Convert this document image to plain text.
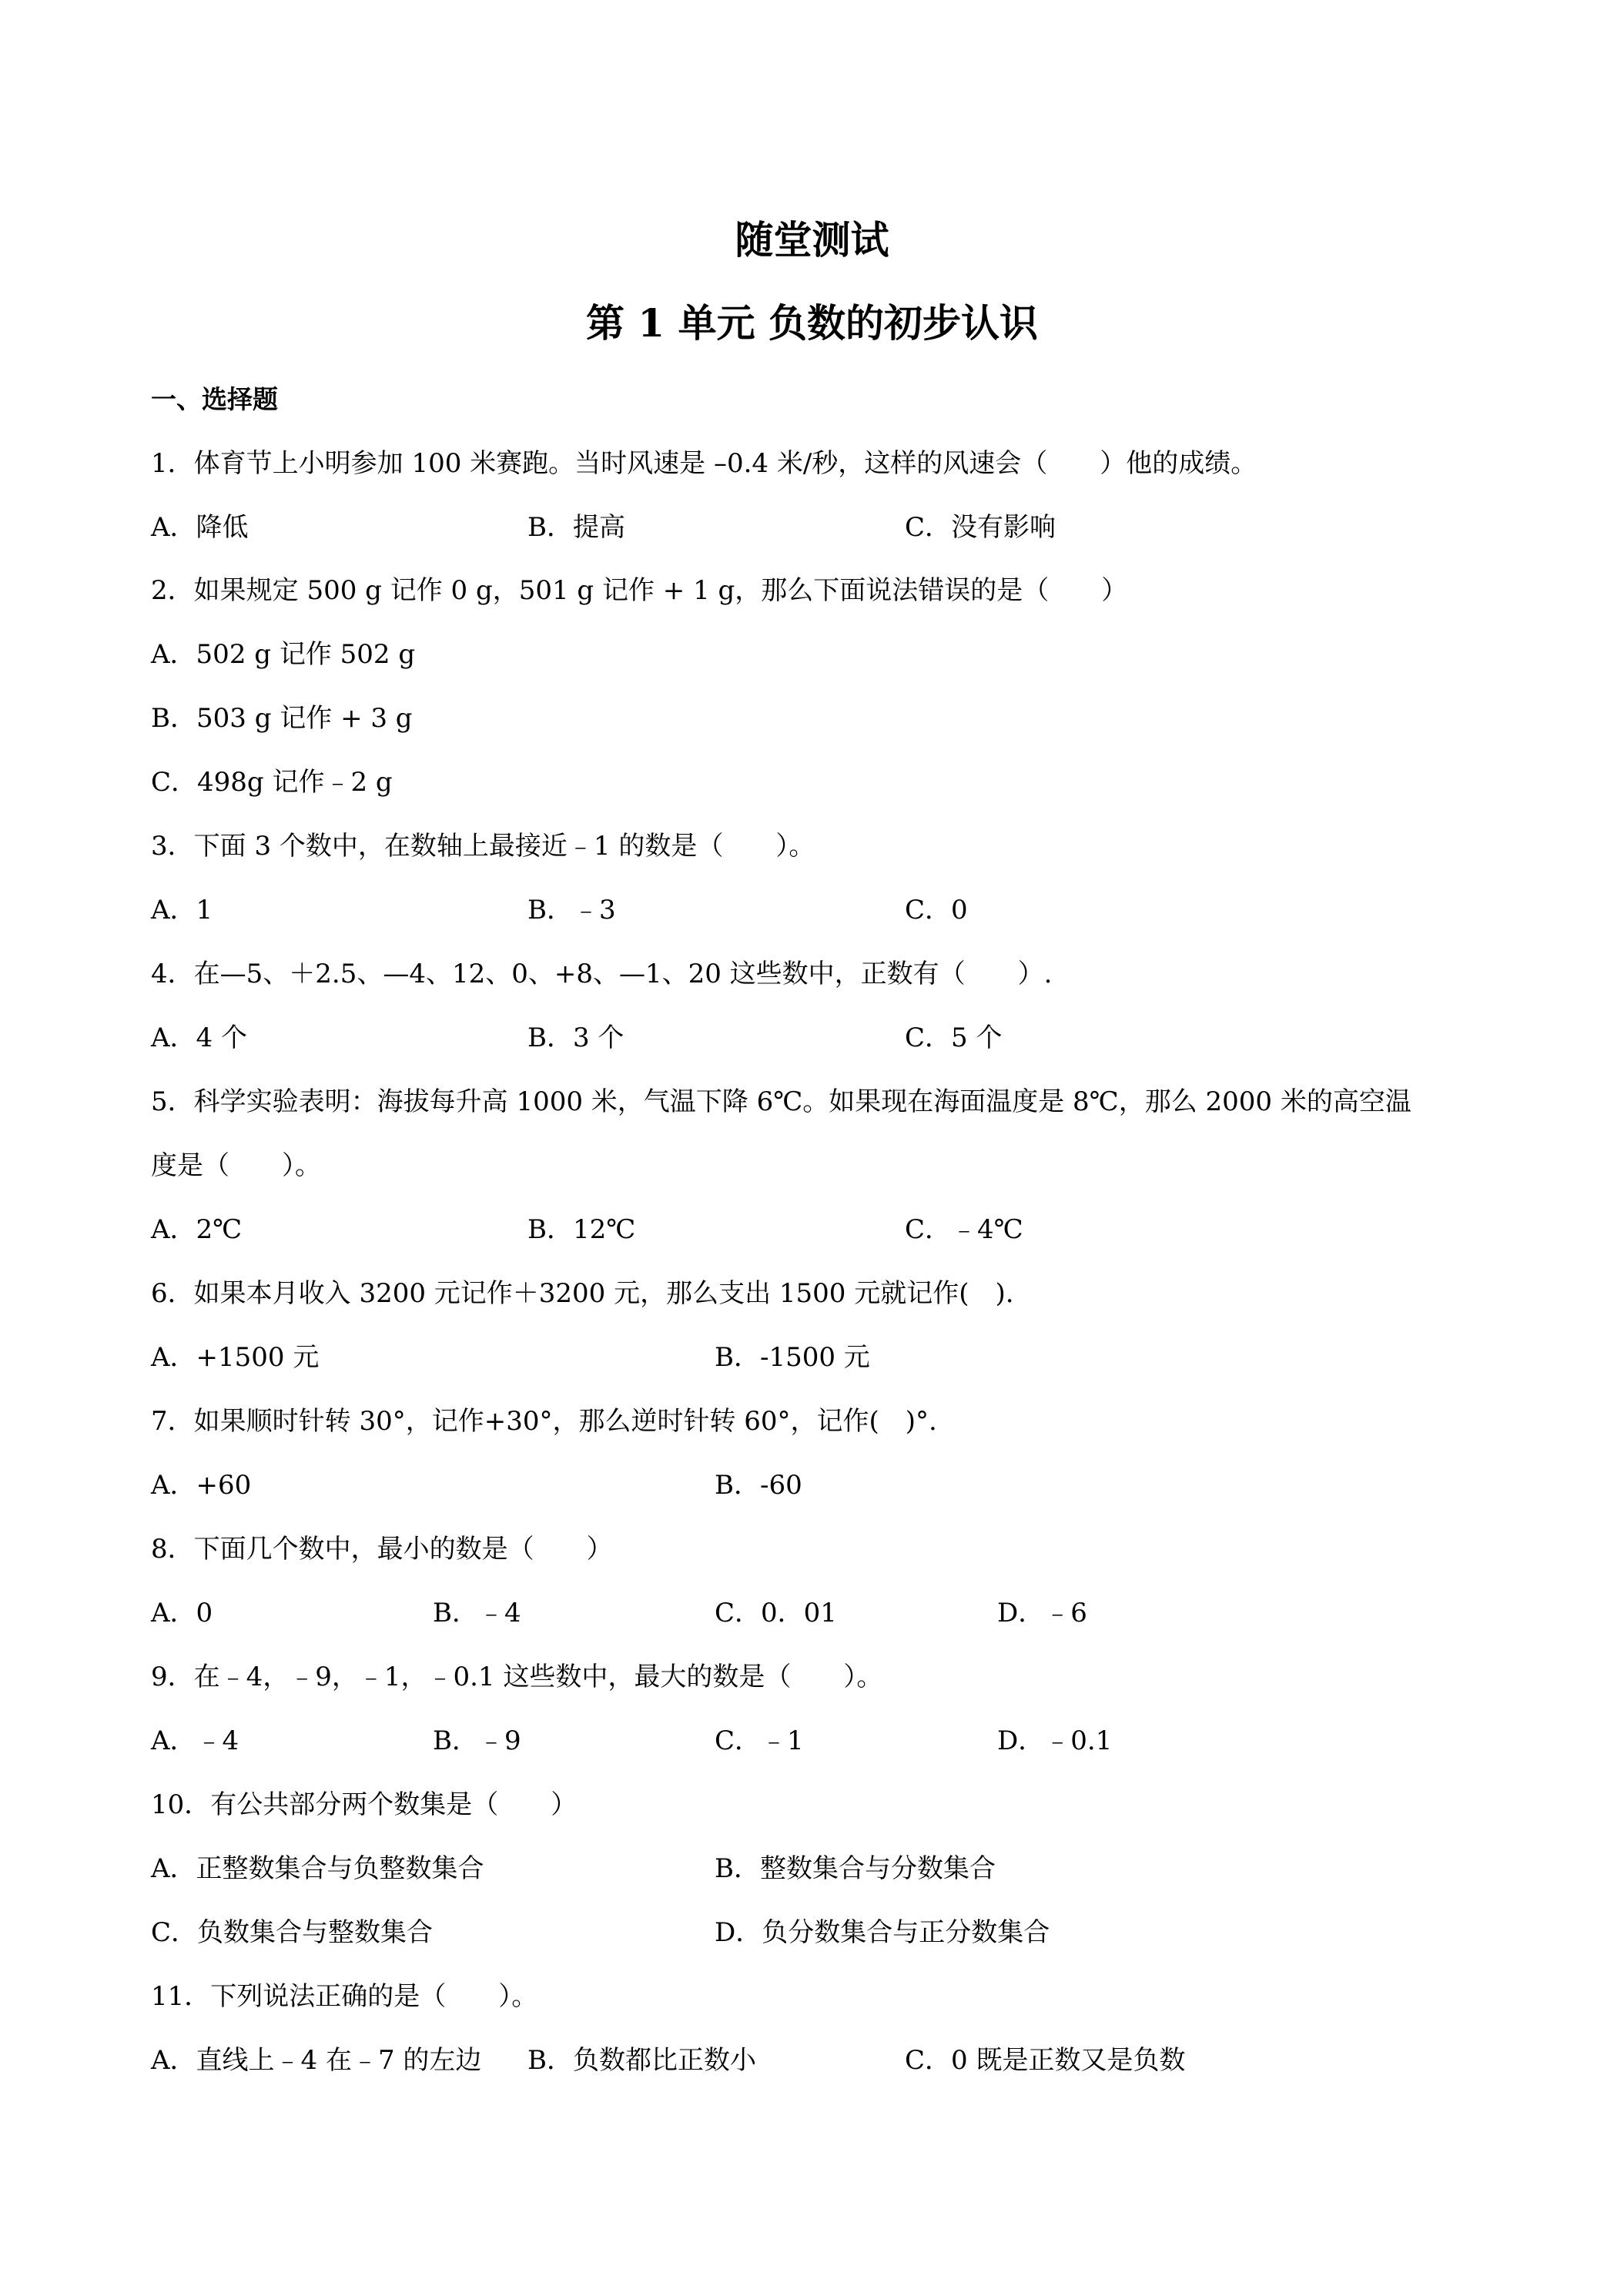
随堂测试
第 1 单元 负数的初步认识
一、选择题
1．体育节上小明参加 100 米赛跑。当时风速是 –0.4 米/秒，这样的风速会（　　）他的成绩。
A．降低	B．提高	C．没有影响
2．如果规定 500 g 记作 0 g，501 g 记作 + 1 g，那么下面说法错误的是（　　）
A．502 g 记作 502 g
B．503 g 记作 + 3 g
C．498g 记作﹣2 g
3．下面 3 个数中，在数轴上最接近﹣1 的数是（　　）。
A．1	B．﹣3	C．0
4．在—5、＋2.5、—4、12、0、+8、—1、20 这些数中，正数有（　　）.
A．4 个	B．3 个	C．5 个
5．科学实验表明：海拔每升高 1000 米，气温下降 6℃。如果现在海面温度是 8℃，那么 2000 米的高空温
度是（　　）。
A．2℃	B．12℃	C．﹣4℃
6．如果本月收入 3200 元记作＋3200 元，那么支出 1500 元就记作(　).
A．+1500 元	B．-1500 元
7．如果顺时针转 30°，记作+30°，那么逆时针转 60°，记作(　)°.
A．+60	B．-60
8．下面几个数中，最小的数是（　　）
A．0	B．﹣4	C．0．01	D．﹣6
9．在﹣4，﹣9，﹣1，﹣0.1 这些数中，最大的数是（　　）。
A．﹣4	B．﹣9	C．﹣1	D．﹣0.1
10．有公共部分两个数集是（　　）
A．正整数集合与负整数集合	B．整数集合与分数集合
C．负数集合与整数集合	D．负分数集合与正分数集合
11．下列说法正确的是（　　）。
A．直线上﹣4 在﹣7 的左边 B．负数都比正数小	C．0 既是正数又是负数
